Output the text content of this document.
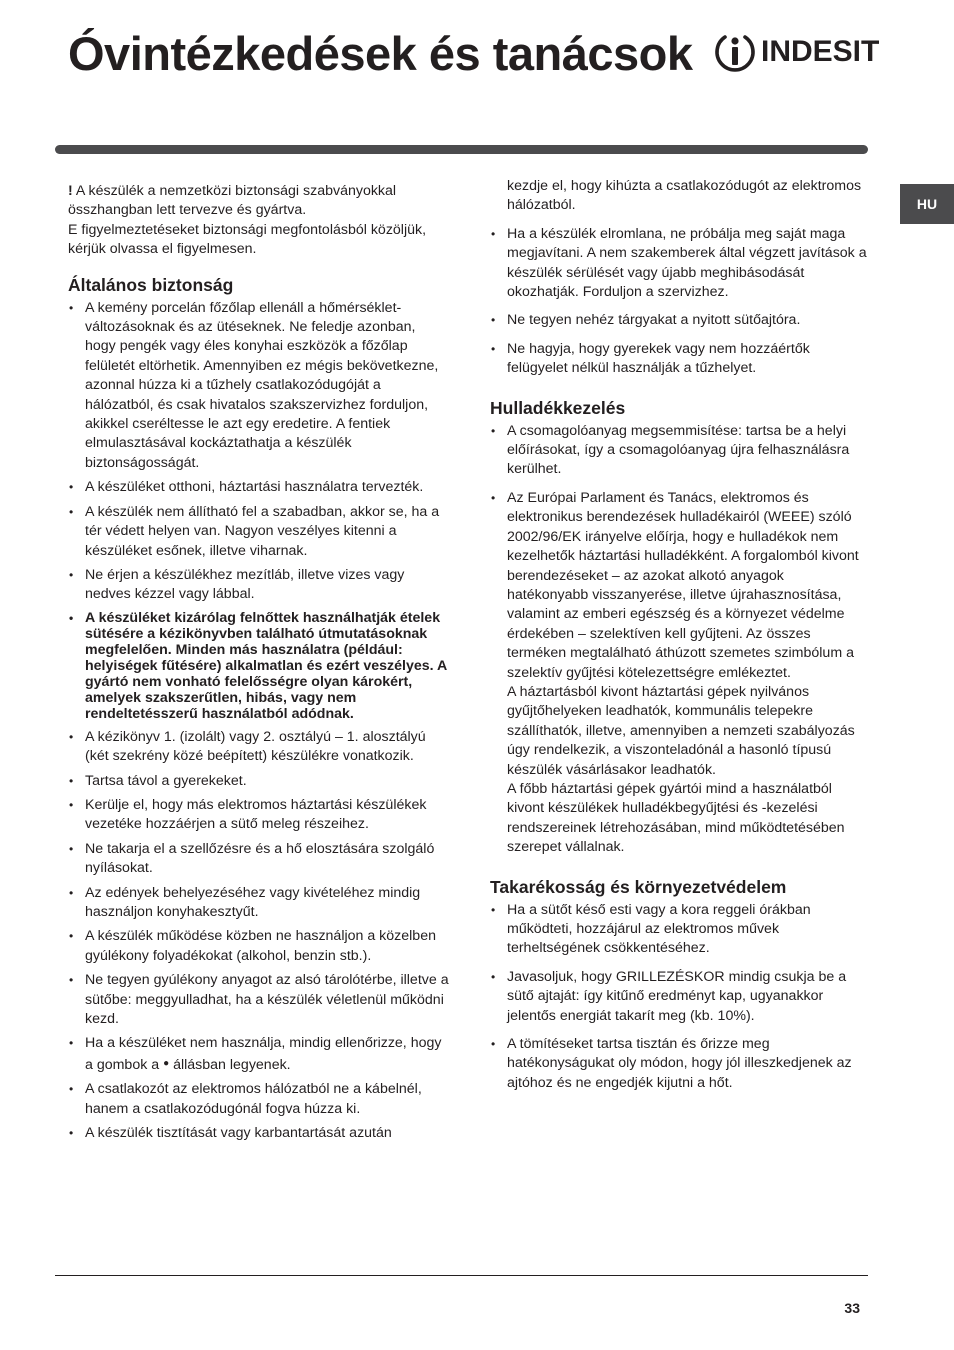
Óvintézkedések és tanácsok INDESIT
HU

! A készülék a nemzetközi biztonsági szabványokkal összhangban lett tervezve és gyártva.

E figyelmeztetéseket biztonsági megfontolásból közöljük, kérjük olvassa el figyelmesen.

Általános biztonság
• A kemény porcelán főzőlap ellenáll a hőmérséklet-változásoknak és az ütéseknek. Ne feledje azonban, hogy pengék vagy éles konyhai eszközök a főzőlap felületét eltörhetik. Amennyiben ez mégis bekövetkezne, azonnal húzza ki a tűzhely csatlakozódugóját a hálózatból, és csak hivatalos szakszervizhez forduljon, akikkel cseréltesse le azt egy eredetire. A fentiek elmulasztásával kockáztathatja a készülék biztonságosságát.
• A készüléket otthoni, háztartási használatra tervezték.
• A készülék nem állítható fel a szabadban, akkor se, ha a tér védett helyen van. Nagyon veszélyes kitenni a készüléket esőnek, illetve viharnak.
• Ne érjen a készülékhez mezítláb, illetve vizes vagy nedves kézzel vagy lábbal.
• A készüléket kizárólag felnőttek használhatják ételek sütésére a kézikönyvben található útmutatásoknak megfelelően. Minden más használatra (például: helyiségek fűtésére) alkalmatlan és ezért veszélyes. A gyártó nem vonható felelősségre olyan károkért, amelyek szakszerűtlen, hibás, vagy nem rendeltetésszerű használatból adódnak.
• A kézikönyv 1. (izolált) vagy 2. osztályú – 1. alosztályú (két szekrény közé beépített) készülékre vonatkozik.
• Tartsa távol a gyerekeket.
• Kerülje el, hogy más elektromos háztartási készülékek vezetéke hozzáérjen a sütő meleg részeihez.
• Ne takarja el a szellőzésre és a hő elosztására szolgáló nyílásokat.
• Az edények behelyezéséhez vagy kivételéhez mindig használjon konyhakesztyűt.
• A készülék működése közben ne használjon a közelben gyúlékony folyadékokat (alkohol, benzin stb.).
• Ne tegyen gyúlékony anyagot az alsó tárolótérbe, illetve a sütőbe: meggyulladhat, ha a készülék véletlenül működni kezd.
• Ha a készüléket nem használja, mindig ellenőrizze, hogy a gombok a ● állásban legyenek.
• A csatlakozót az elektromos hálózatból ne a kábelnél, hanem a csatlakozódugónál fogva húzza ki.
• A készülék tisztítását vagy karbantartását azután
kezdje el, hogy kihúzta a csatlakozódugót az elektromos hálózatból.
• Ha a készülék elromlana, ne próbálja meg saját maga megjavítani. A nem szakemberek által végzett javítások a készülék sérülését vagy újabb meghibásodását okozhatják. Forduljon a szervizhez.
• Ne tegyen nehéz tárgyakat a nyitott sütőajtóra.
• Ne hagyja, hogy gyerekek vagy nem hozzáértők felügyelet nélkül használják a tűzhelyet.
Hulladékkezelés
• A csomagolóanyag megsemmisítése: tartsa be a helyi előírásokat, így a csomagolóanyag újra felhasználásra kerülhet.
• Az Európai Parlament és Tanács, elektromos és elektronikus berendezések hulladékairól (WEEE) szóló 2002/96/EK irányelve előírja, hogy e hulladékok nem kezelhetők háztartási hulladékként. A forgalomból kivont berendezéseket – az azokat alkotó anyagok hatékonyabb visszanyerése, illetve újrahasznosítása, valamint az emberi egészség és a környezet védelme érdekében – szelektíven kell gyűjteni. Az összes terméken megtalálható áthúzott szemetes szimbólum a szelektív gyűjtési kötelezettségre emlékeztet.
A háztartásból kivont háztartási gépek nyilvános gyűjtőhelyeken leadhatók, kommunális telepekre szállíthatók, illetve, amennyiben a nemzeti szabályozás úgy rendelkezik, a viszonteladónál a hasonló típusú készülék vásárlásakor leadhatók.
A főbb háztartási gépek gyártói mind a használatból kivont készülékek hulladékbegyűjtési és -kezelési rendszereinek létrehozásában, mind működtetésében szerepet vállalnak.
Takarékosság és környezetvédelem
• Ha a sütőt késő esti vagy a kora reggeli órákban működteti, hozzájárul az elektromos művek terheltségének csökkentéséhez.
• Javasoljuk, hogy GRILLEZÉSKOR mindig csukja be a sütő ajtaját: így kitűnő eredményt kap, ugyanakkor jelentős energiát takarít meg (kb. 10%).
• A tömítéseket tartsa tisztán és őrizze meg hatékonyságukat oly módon, hogy jól illeszkedjenek az ajtóhoz és ne engedjék kijutni a hőt.
33
